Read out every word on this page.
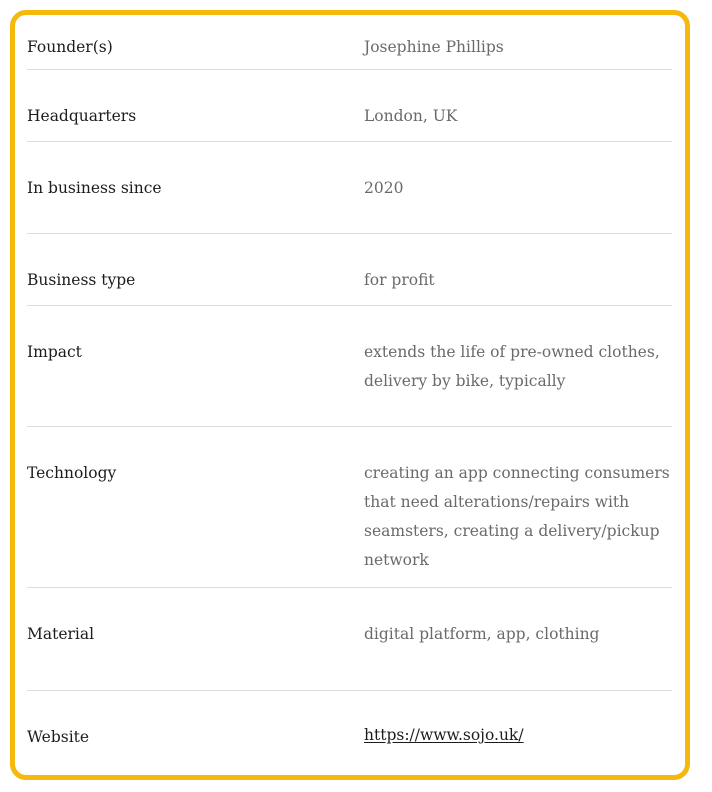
Founder(s)	Josephine Phillips
Headquarters	London, UK
In business since	2020
Business type	for profit
Impact	extends the life of pre-owned clothes, delivery by bike, typically
Technology	creating an app connecting consumers that need alterations/repairs with seamsters, creating a delivery/pickup network
Material	digital platform, app, clothing
Website	https://www.sojo.uk/
